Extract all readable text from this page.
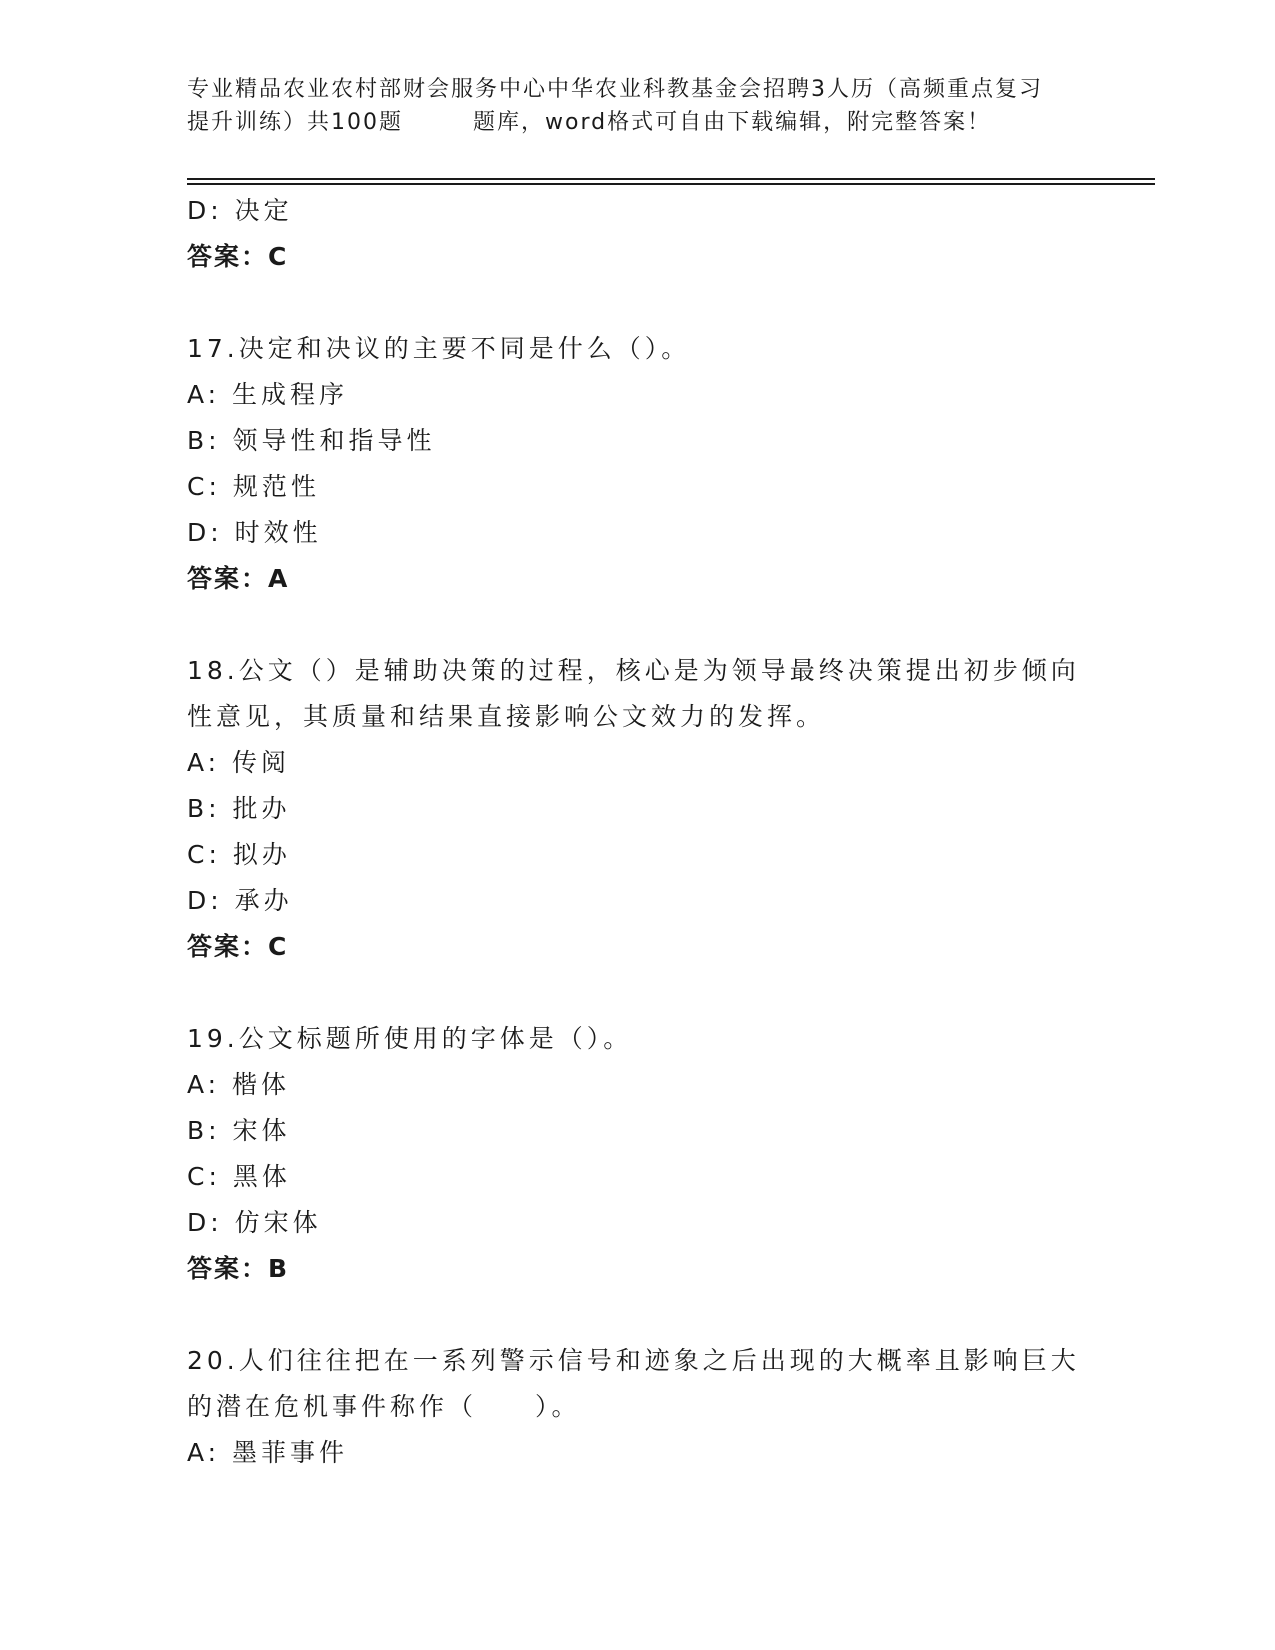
专业精品农业农村部财会服务中心中华农业科教基金会招聘3人历（高频重点复习
提升训练）共100题	题库，word格式可自由下载编辑，附完整答案！
D: 决定
答案：C
17.决定和决议的主要不同是什么（）。
A: 生成程序
B: 领导性和指导性
C: 规范性
D: 时效性
答案：A
18.公文（）是辅助决策的过程，核心是为领导最终决策提出初步倾向
性意见，其质量和结果直接影响公文效力的发挥。
A: 传阅
B: 批办
C: 拟办
D: 承办
答案：C
19.公文标题所使用的字体是（）。
A: 楷体
B: 宋体
C: 黑体
D: 仿宋体
答案：B
20.人们往往把在一系列警示信号和迹象之后出现的大概率且影响巨大
的潜在危机事件称作（　　）。
A: 墨菲事件
